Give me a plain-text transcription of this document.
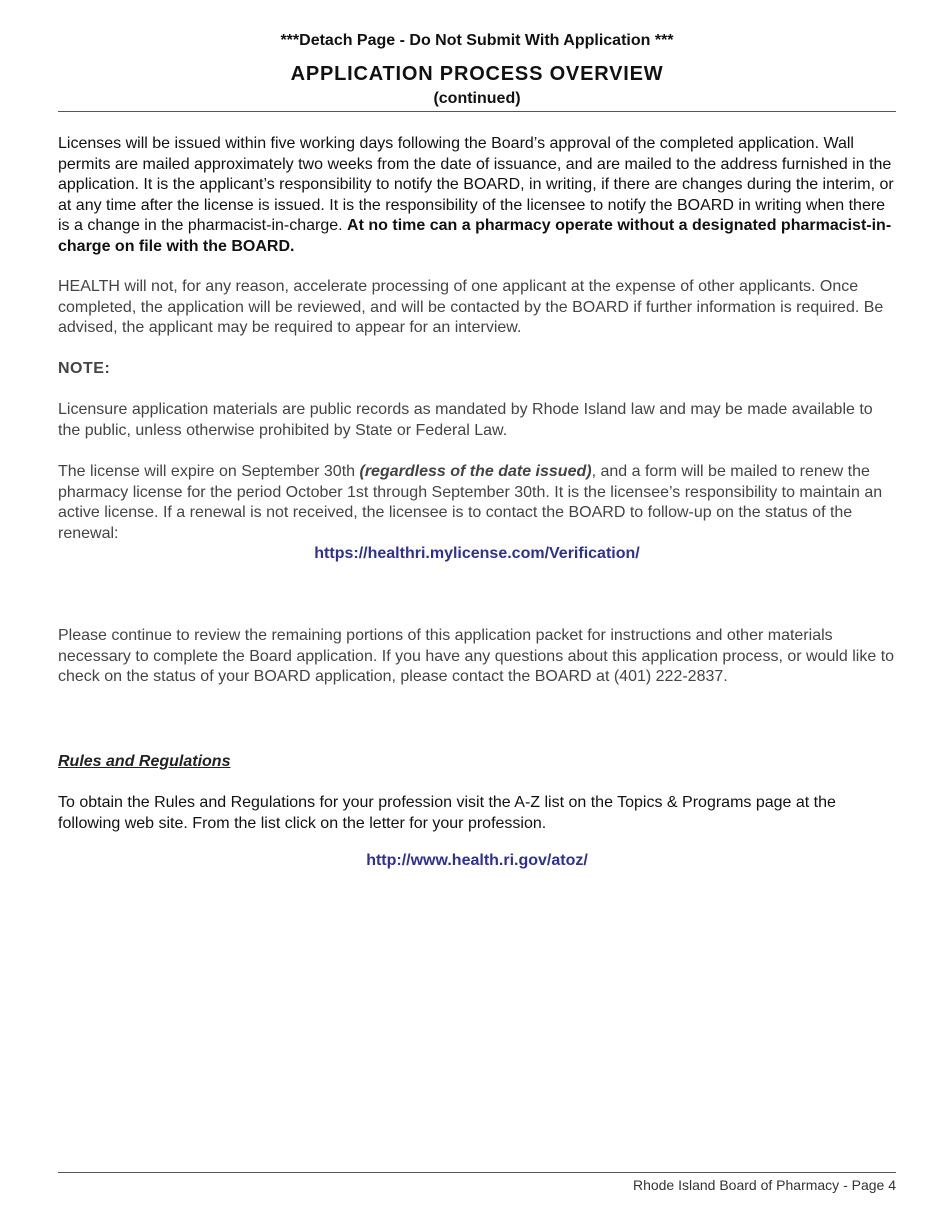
***Detach Page - Do Not Submit With Application ***
APPLICATION PROCESS OVERVIEW
(continued)
Licenses will be issued within five working days following the Board’s approval of the completed application. Wall permits are mailed approximately two weeks from the date of issuance, and are mailed to the address furnished in the application. It is the applicant’s responsibility to notify the BOARD, in writing, if there are changes during the interim, or at any time after the license is issued. It is the responsibility of the licensee to notify the BOARD in writing when there is a change in the pharmacist-in-charge. At no time can a pharmacy operate without a designated pharmacist-in-charge on file with the BOARD.
HEALTH will not, for any reason, accelerate processing of one applicant at the expense of other applicants. Once completed, the application will be reviewed, and will be contacted by the BOARD if further information is required. Be advised, the applicant may be required to appear for an interview.
NOTE:
Licensure application materials are public records as mandated by Rhode Island law and may be made available to the public, unless otherwise prohibited by State or Federal Law.
The license will expire on September 30th (regardless of the date issued), and a form will be mailed to renew the pharmacy license for the period October 1st through September 30th. It is the licensee’s responsibility to maintain an active license. If a renewal is not received, the licensee is to contact the BOARD to follow-up on the status of the renewal:
https://healthri.mylicense.com/Verification/
Please continue to review the remaining portions of this application packet for instructions and other materials necessary to complete the Board application. If you have any questions about this application process, or would like to check on the status of your BOARD application, please contact the BOARD at (401) 222-2837.
Rules and Regulations
To obtain the Rules and Regulations for your profession visit the A-Z list on the Topics & Programs page at the following web site. From the list click on the letter for your profession.
http://www.health.ri.gov/atoz/
Rhode Island Board of Pharmacy - Page 4
